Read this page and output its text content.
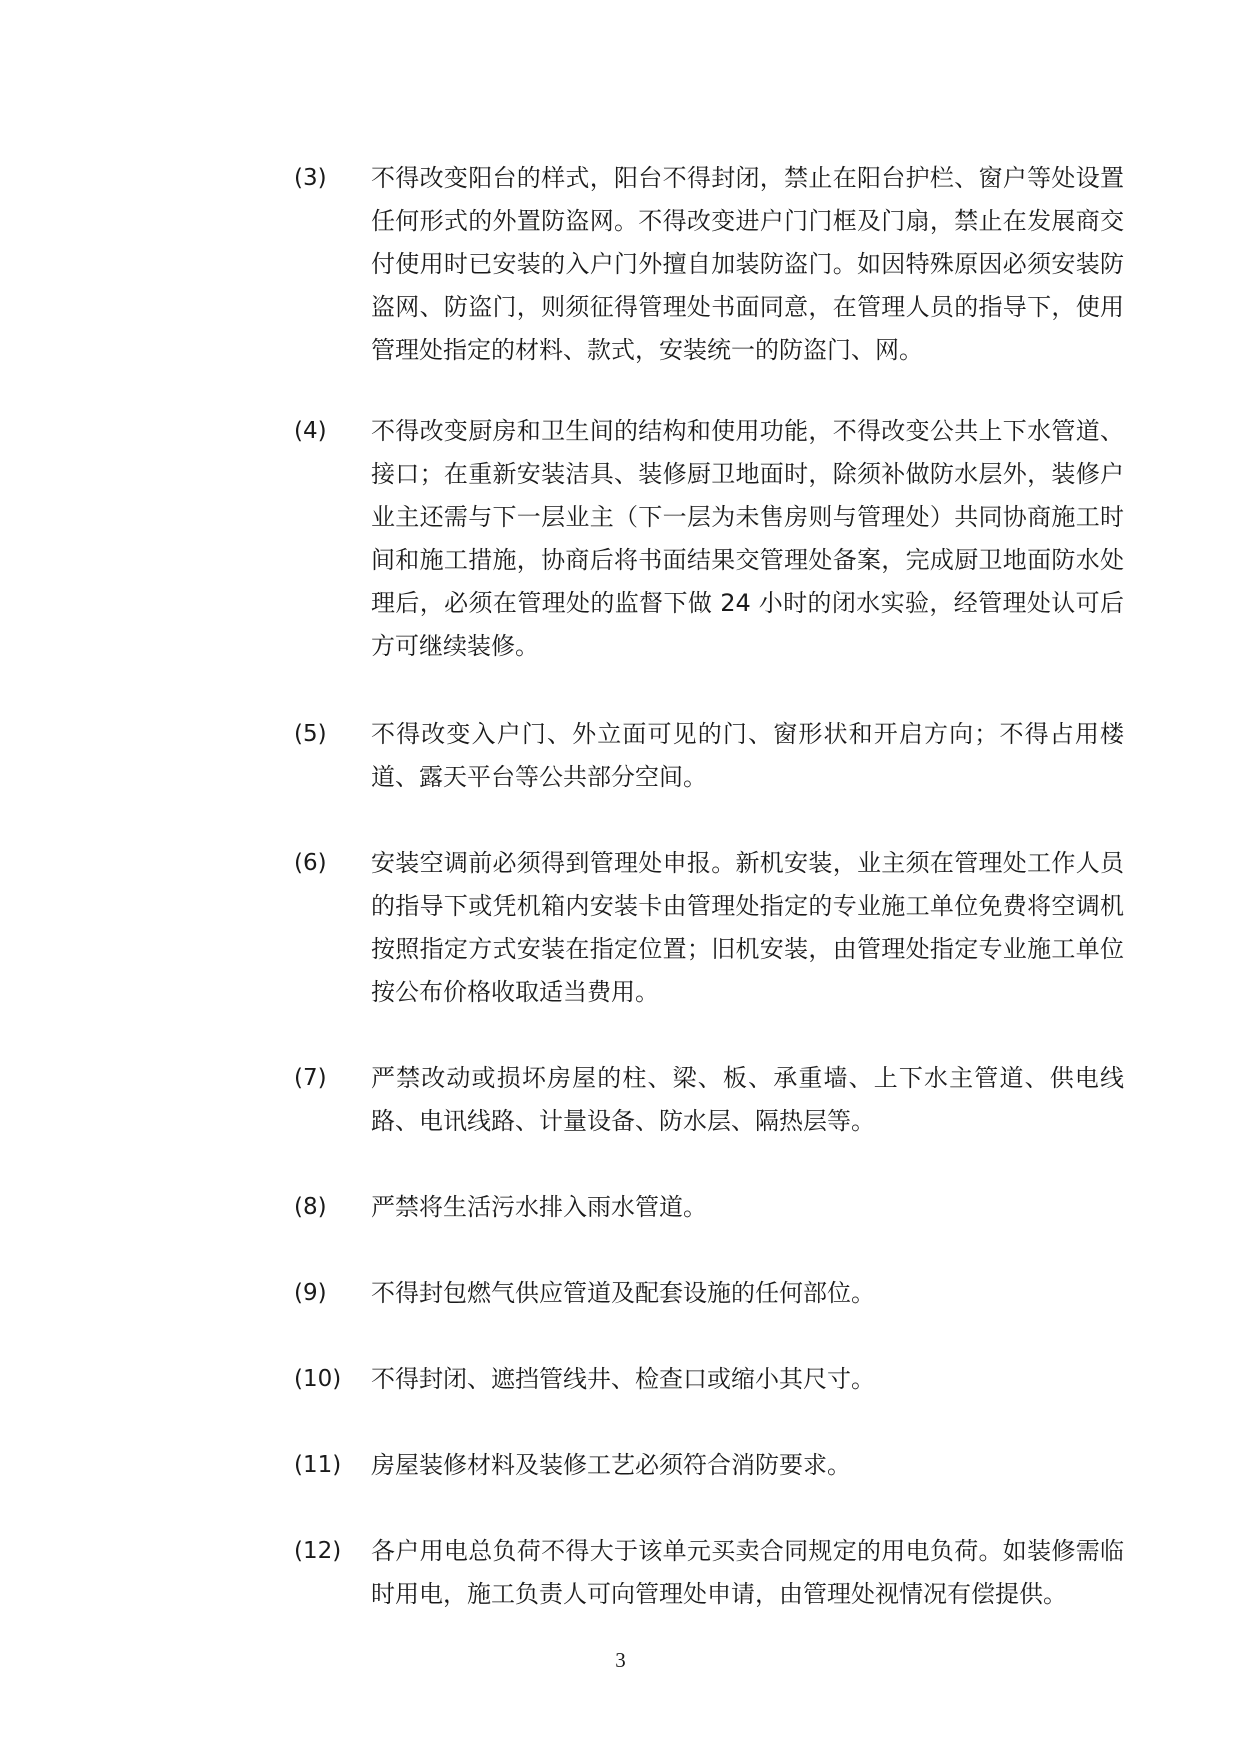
(3) 不得改变阳台的样式，阳台不得封闭，禁止在阳台护栏、窗户等处设置任何形式的外置防盗网。不得改变进户门门框及门扇，禁止在发展商交付使用时已安装的入户门外擅自加装防盗门。如因特殊原因必须安装防盗网、防盗门，则须征得管理处书面同意，在管理人员的指导下，使用管理处指定的材料、款式，安装统一的防盗门、网。
(4) 不得改变厨房和卫生间的结构和使用功能，不得改变公共上下水管道、接口；在重新安装洁具、装修厨卫地面时，除须补做防水层外，装修户业主还需与下一层业主（下一层为未售房则与管理处）共同协商施工时间和施工措施，协商后将书面结果交管理处备案，完成厨卫地面防水处理后，必须在管理处的监督下做 24 小时的闭水实验，经管理处认可后方可继续装修。
(5) 不得改变入户门、外立面可见的门、窗形状和开启方向；不得占用楼道、露天平台等公共部分空间。
(6) 安装空调前必须得到管理处申报。新机安装，业主须在管理处工作人员的指导下或凭机箱内安装卡由管理处指定的专业施工单位免费将空调机按照指定方式安装在指定位置；旧机安装，由管理处指定专业施工单位按公布价格收取适当费用。
(7) 严禁改动或损坏房屋的柱、梁、板、承重墙、上下水主管道、供电线路、电讯线路、计量设备、防水层、隔热层等。
(8) 严禁将生活污水排入雨水管道。
(9) 不得封包燃气供应管道及配套设施的任何部位。
(10) 不得封闭、遮挡管线井、检查口或缩小其尺寸。
(11) 房屋装修材料及装修工艺必须符合消防要求。
(12) 各户用电总负荷不得大于该单元买卖合同规定的用电负荷。如装修需临时用电，施工负责人可向管理处申请，由管理处视情况有偿提供。
3
